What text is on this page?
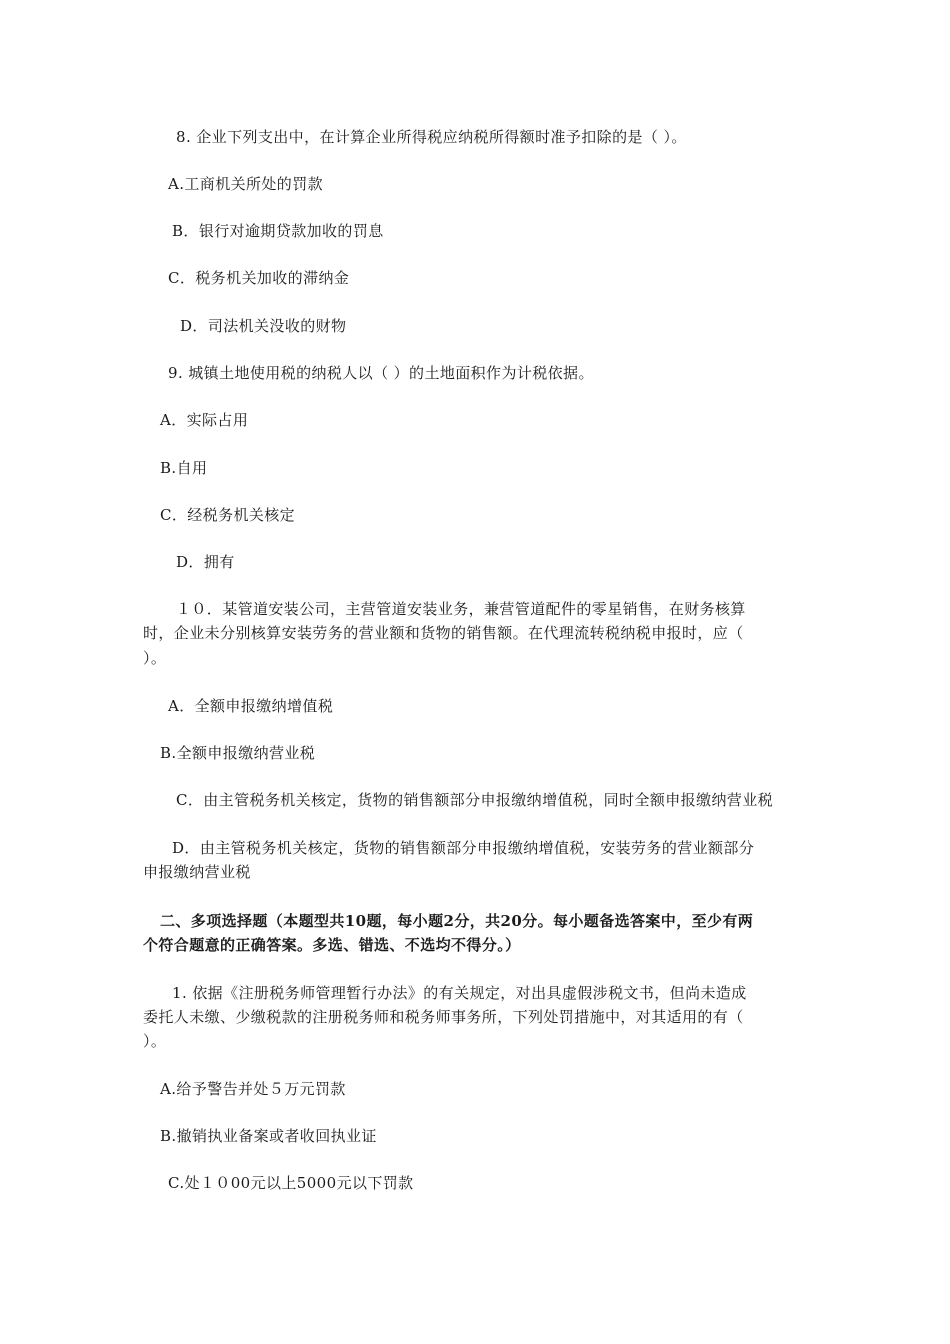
8. 企业下列支出中，在计算企业所得税应纳税所得额时准予扣除的是（ ）。
A.工商机关所处的罚款
B．银行对逾期贷款加收的罚息
C．税务机关加收的滞纳金
D．司法机关没收的财物
9. 城镇土地使用税的纳税人以（ ）的土地面积作为计税依据。
A．实际占用
B.自用
C．经税务机关核定
D．拥有
１０．某管道安装公司，主营管道安装业务，兼营管道配件的零星销售，在财务核算
时，企业未分别核算安装劳务的营业额和货物的销售额。在代理流转税纳税申报时，应（
）。
A．全额申报缴纳增值税
B.全额申报缴纳营业税
C．由主管税务机关核定，货物的销售额部分申报缴纳增值税，同时全额申报缴纳营业税
D．由主管税务机关核定，货物的销售额部分申报缴纳增值税，安装劳务的营业额部分
申报缴纳营业税
二、多项选择题（本题型共10题，每小题2分，共20分。每小题备选答案中，至少有两
个符合题意的正确答案。多选、错选、不选均不得分。）
1. 依据《注册税务师管理暂行办法》的有关规定，对出具虚假涉税文书，但尚未造成
委托人未缴、少缴税款的注册税务师和税务师事务所，下列处罚措施中，对其适用的有（
）。
A.给予警告并处５万元罚款
B.撤销执业备案或者收回执业证
C.处１０00元以上5000元以下罚款
